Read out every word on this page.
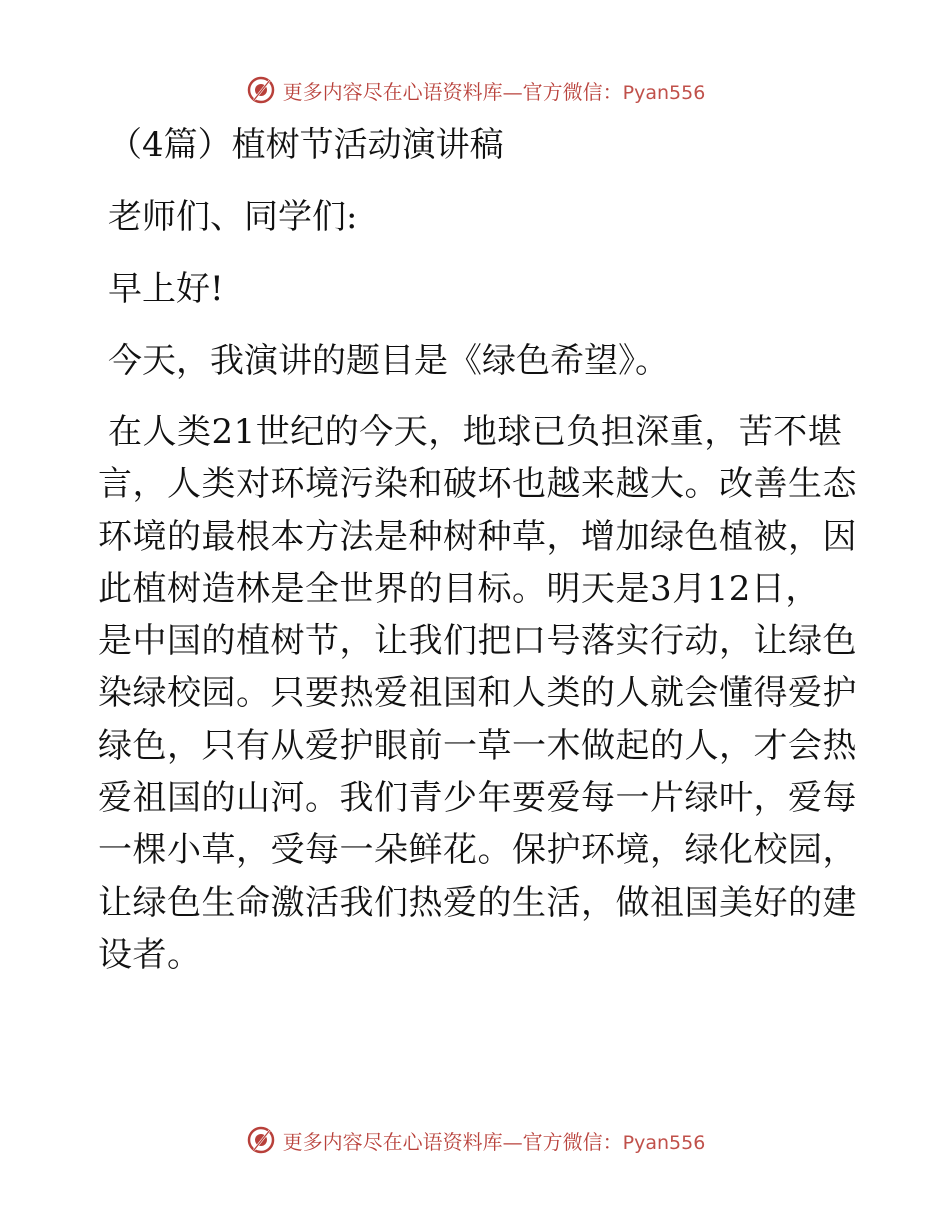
更多内容尽在心语资料库—官方微信：Pyan556
（4篇）植树节活动演讲稿
老师们、同学们:
早上好!
今天，我演讲的题目是《绿色希望》。
在人类21世纪的今天，地球已负担深重，苦不堪
言，人类对环境污染和破坏也越来越大。改善生态
环境的最根本方法是种树种草，增加绿色植被，因
此植树造林是全世界的目标。明天是3月12日，
是中国的植树节，让我们把口号落实行动，让绿色
染绿校园。只要热爱祖国和人类的人就会懂得爱护
绿色，只有从爱护眼前一草一木做起的人，才会热
爱祖国的山河。我们青少年要爱每一片绿叶，爱每
一棵小草，受每一朵鲜花。保护环境，绿化校园，
让绿色生命激活我们热爱的生活，做祖国美好的建
设者。
更多内容尽在心语资料库—官方微信：Pyan556
